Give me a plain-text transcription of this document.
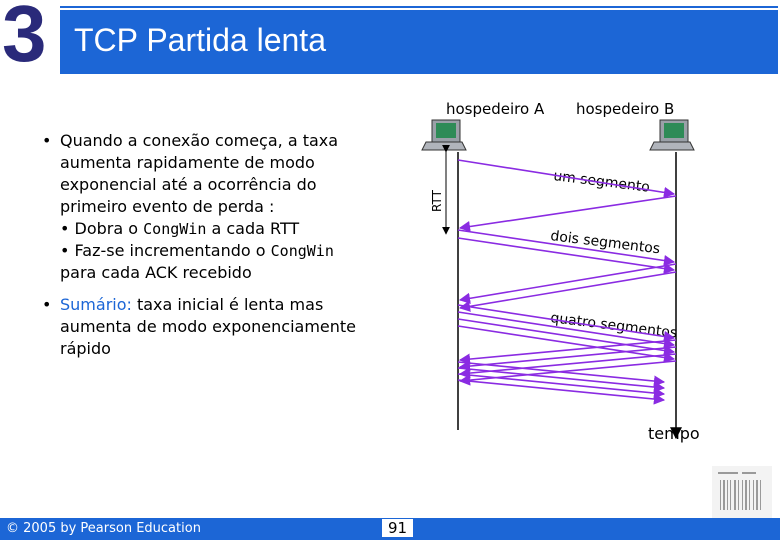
3 TCP Partida lenta
hospedeiro A hospedeiro B
• Quando a conexão começa, a taxa
aumenta rapidamente de modo
exponencial até a ocorrência do
primeiro evento de perda :
• Dobra o CongWin a cada RTT
• Faz-se incrementando o CongWin
para cada ACK recebido
• Sumário: taxa inicial é lenta mas
aumenta de modo exponenciamente
rápido
RTT
um segmento
dois segmentos
quatro segmentos
tempo
© 2005 by Pearson Education	91
